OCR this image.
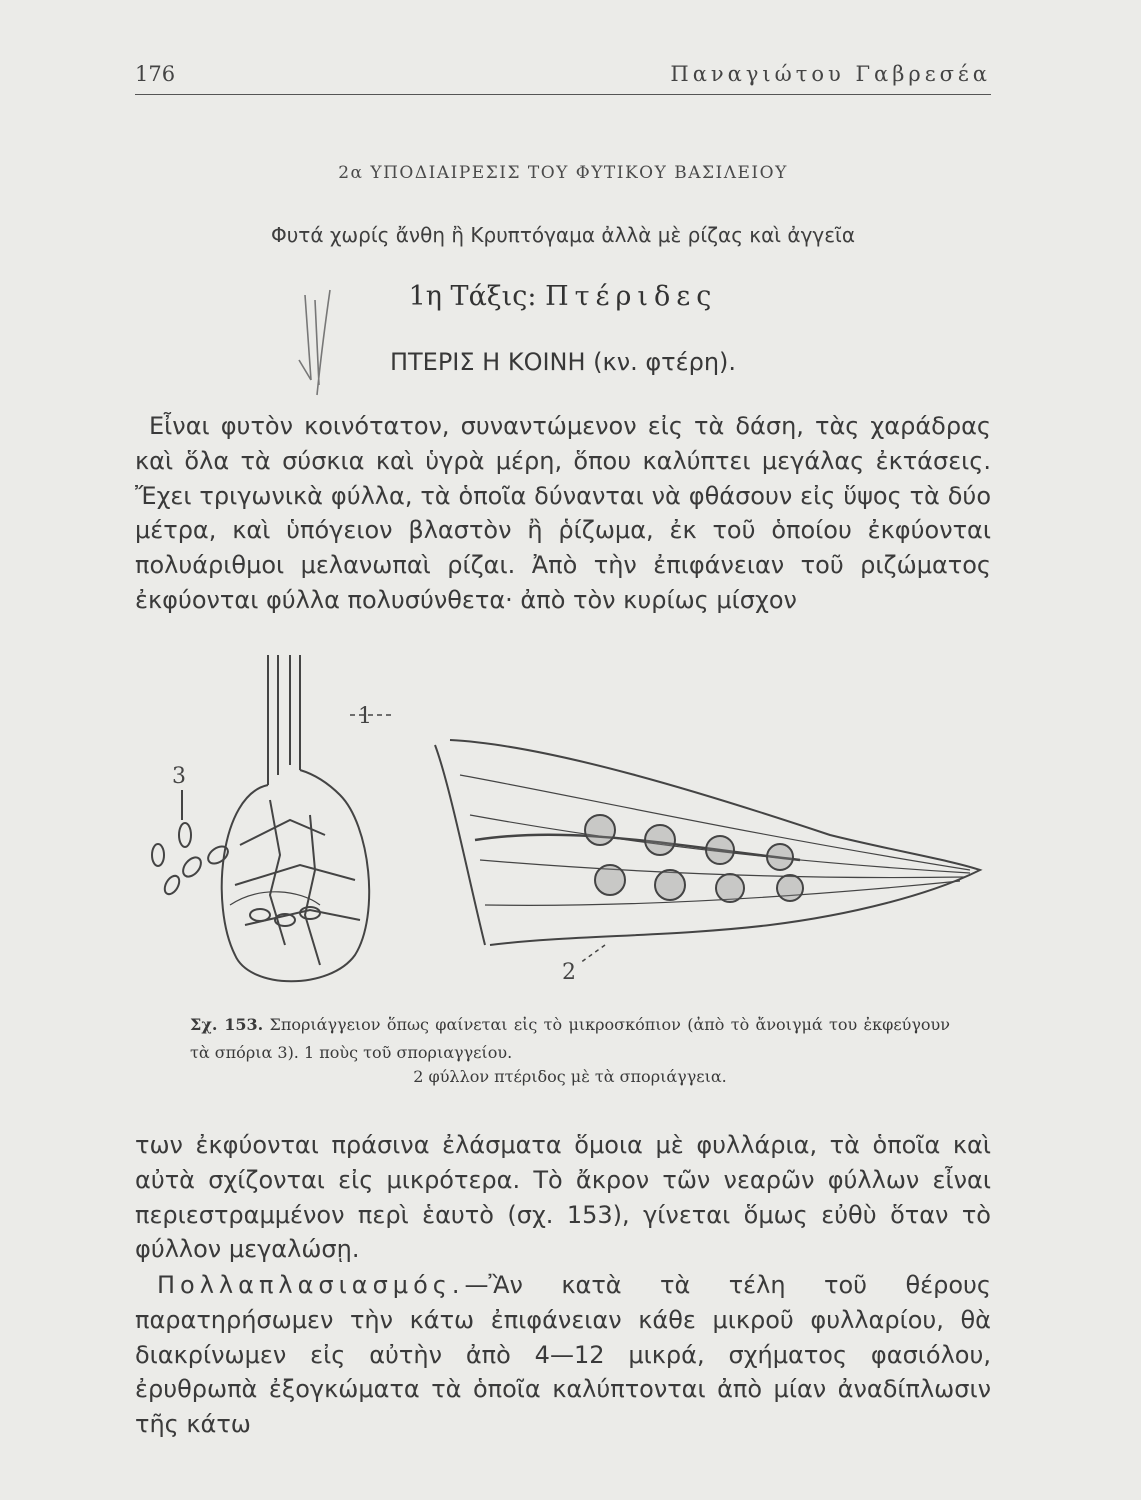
176	Παναγιώτου Γαβρεσέα
2α ΥΠΟΔΙΑΙΡΕΣΙΣ ΤΟΥ ΦΥΤΙΚΟΥ ΒΑΣΙΛΕΙΟΥ
Φυτά χωρίς ἄνθη ἢ Κρυπτόγαμα ἀλλὰ μὲ ρίζας καὶ ἀγγεῖα
1η Τάξις: Πτέριδες
ΠΤΕΡΙΣ Η ΚΟΙΝΗ (κν. φτέρη).

Εἶναι φυτὸν κοινότατον, συναντώμενον εἰς τὰ δάση, τὰς χαράδρας καὶ ὅλα τὰ σύσκια καὶ ὑγρὰ μέρη, ὅπου καλύπτει μεγάλας ἐκτάσεις. Ἔχει τριγωνικὰ φύλλα, τὰ ὁποῖα δύνανται νὰ φθάσουν εἰς ὕψος τὰ δύο μέτρα, καὶ ὑπόγειον βλαστὸν ἢ ῥίζωμα, ἐκ τοῦ ὁποίου ἐκφύονται πολυάριθμοι μελανωπαὶ ρίζαι. Ἀπὸ τὴν ἐπιφάνειαν τοῦ ριζώματος ἐκφύονται φύλλα πολυσύνθετα· ἀπὸ τὸν κυρίως μίσχον

1
2
3
Σχ. 153. Σποριάγγειον ὅπως φαίνεται εἰς τὸ μικροσκόπιον (ἀπὸ τὸ ἄνοιγμά του ἐκφεύγουν τὰ σπόρια 3). 1 ποὺς τοῦ σποριαγγείου.
2 φύλλον πτέριδος μὲ τὰ σποριάγγεια.

των ἐκφύονται πράσινα ἐλάσματα ὅμοια μὲ φυλλάρια, τὰ ὁποῖα καὶ αὐτὰ σχίζονται εἰς μικρότερα. Τὸ ἄκρον τῶν νεαρῶν φύλλων εἶναι περιεστραμμένον περὶ ἑαυτὸ (σχ. 153), γίνεται ὅμως εὐθὺ ὅταν τὸ φύλλον μεγαλώσῃ.

Πολλαπλασιασμός.—Ἂν κατὰ τὰ τέλη τοῦ θέρους παρατηρήσωμεν τὴν κάτω ἐπιφάνειαν κάθε μικροῦ φυλλαρίου, θὰ διακρίνωμεν εἰς αὐτὴν ἀπὸ 4—12 μικρά, σχήματος φασιόλου, ἐρυθρωπὰ ἐξογκώματα τὰ ὁποῖα καλύπτονται ἀπὸ μίαν ἀναδίπλωσιν τῆς κάτω
